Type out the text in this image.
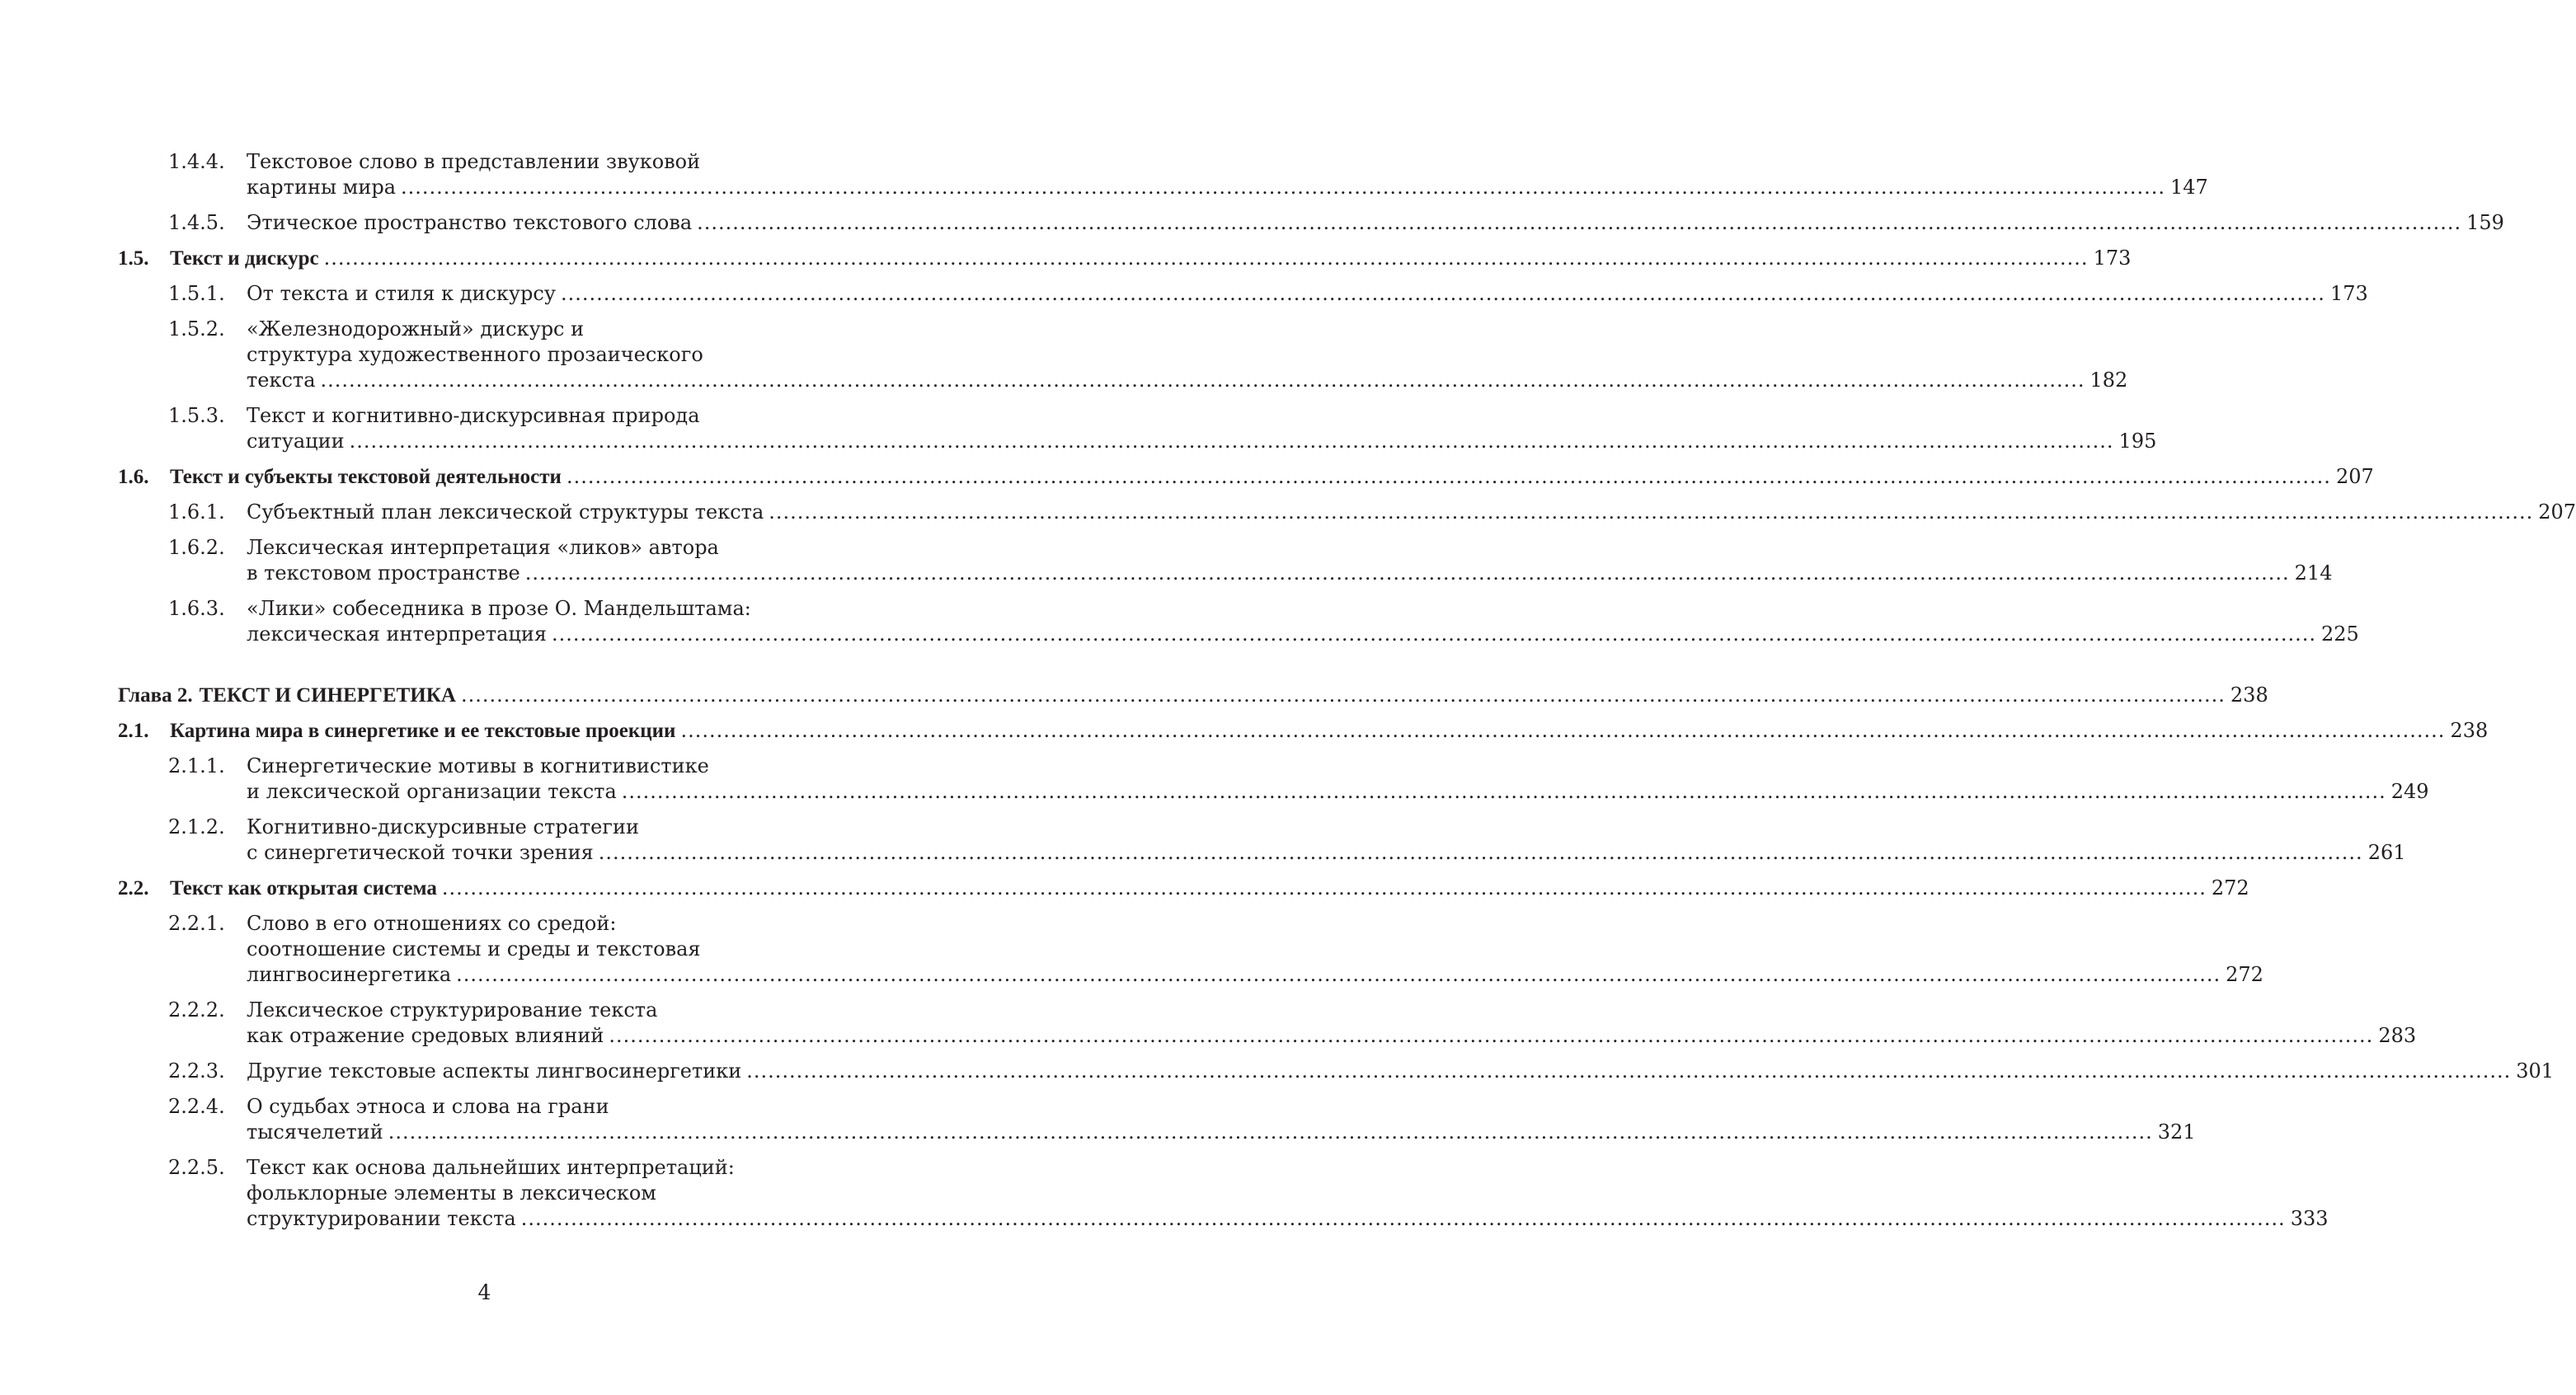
1.4.4.	Текстовое слово в представлении звуковой
картины мира .....	147
1.4.5.	Этическое пространство текстового слова .....	159
1.5.	Текст и дискурс .....	173
1.5.1.	От текста и стиля к дискурсу .....	173
1.5.2.	«Железнодорожный» дискурс и
структура художественного прозаического
текста .....	182
1.5.3.	Текст и когнитивно-дискурсивная природа
ситуации .....	195
1.6.	Текст и субъекты текстовой деятельности .....	207
1.6.1.	Субъектный план лексической структуры текста .....	207
1.6.2.	Лексическая интерпретация «ликов» автора
в текстовом пространстве .....	214
1.6.3.	«Лики» собеседника в прозе О. Мандельштама:
лексическая интерпретация .....	225
Глава 2. ТЕКСТ И СИНЕРГЕТИКА .....	238
2.1.	Картина мира в синергетике и ее текстовые проекции .....	238
2.1.1.	Синергетические мотивы в когнитивистике
и лексической организации текста .....	249
2.1.2.	Когнитивно-дискурсивные стратегии
с синергетической точки зрения .....	261
2.2.	Текст как открытая система .....	272
2.2.1.	Слово в его отношениях со средой:
соотношение системы и среды и текстовая
лингвосинергетика .....	272
2.2.2.	Лексическое структурирование текста
как отражение средовых влияний .....	283
2.2.3.	Другие текстовые аспекты лингвосинергетики .....	301
2.2.4.	О судьбах этноса и слова на грани
тысячелетий .....	321
2.2.5.	Текст как основа дальнейших интерпретаций:
фольклорные элементы в лексическом
структурировании текста .....	333
4
